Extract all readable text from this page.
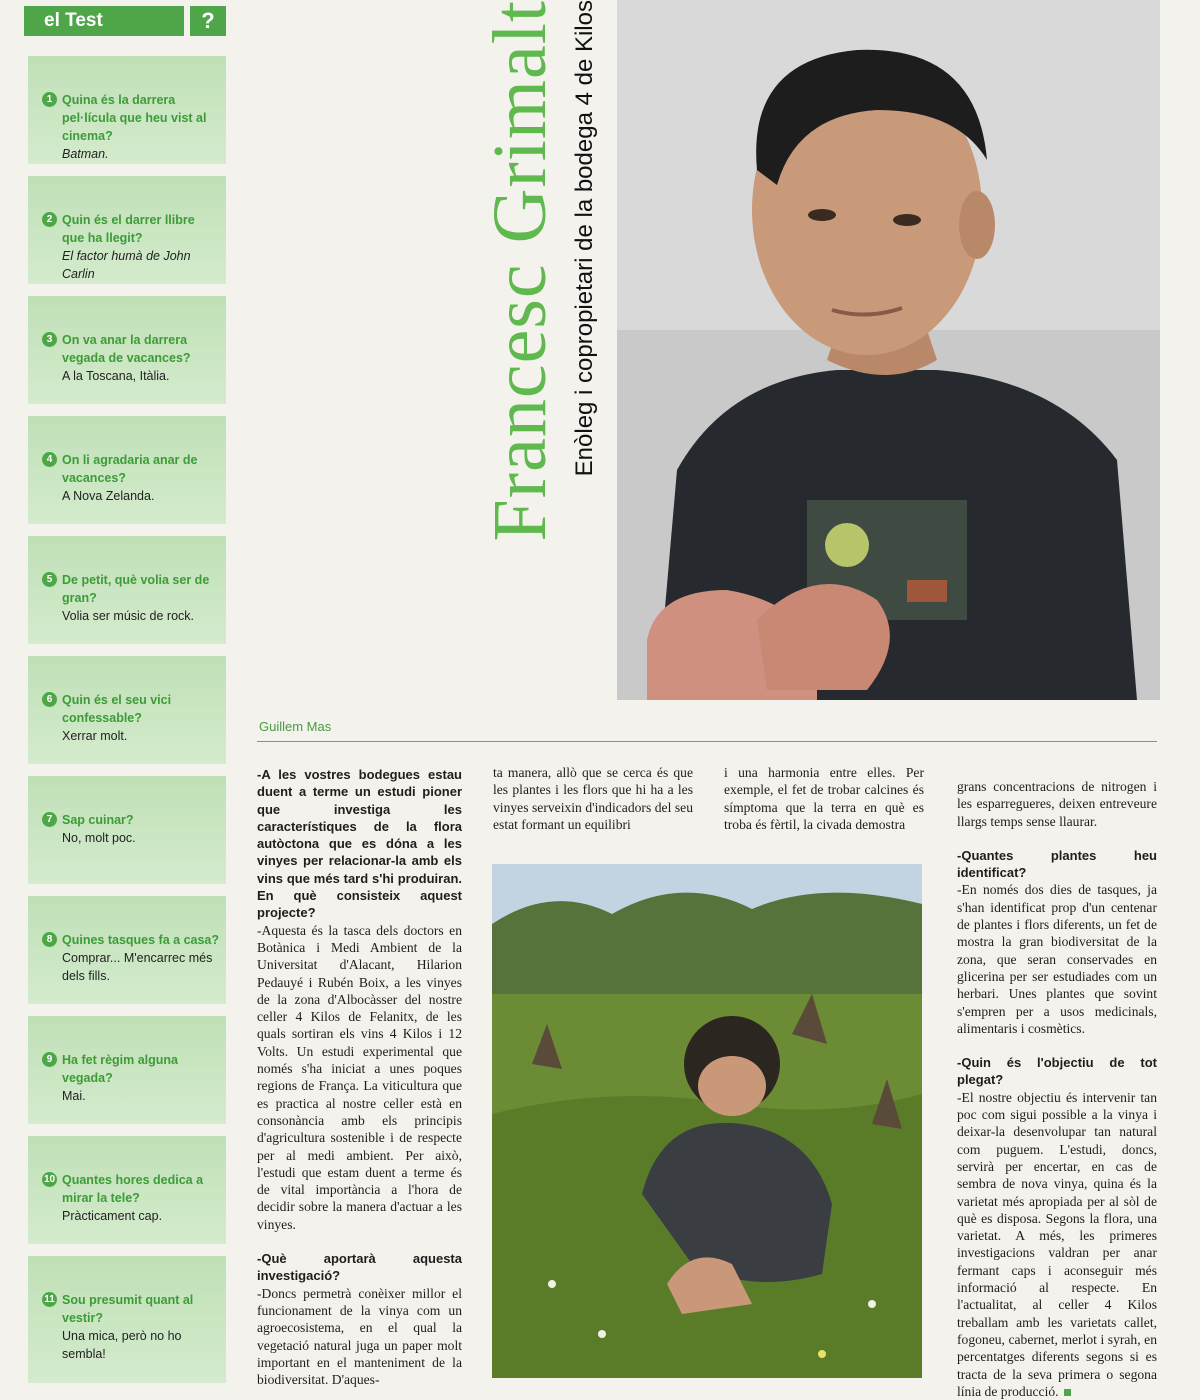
el Test	?
1 Quina és la darrera pel·lícula que heu vist al cinema?
Batman.
2 Quin és el darrer llibre que ha llegit?
El factor humà de John Carlin
3 On va anar la darrera vegada de vacances?
A la Toscana, Itàlia.
4 On li agradaria anar de vacances?
A Nova Zelanda.
5 De petit, què volia ser de gran?
Volia ser músic de rock.
6 Quin és el seu vici confessable?
Xerrar molt.
7 Sap cuinar?
No, molt poc.
8 Quines tasques fa a casa?
Comprar... M'encarrec més dels fills.
9 Ha fet règim alguna vegada?
Mai.
10 Quantes hores dedica a mirar la tele?
Pràcticament cap.
11 Sou presumit quant al vestir?
Una mica, però no ho sembla!
Francesc Grimalt Enòleg i copropietari de la bodega 4 de Kilos
Guillem Mas

-A les vostres bodegues estau duent a terme un estudi pioner que investiga les característiques de la flora autòctona que es dóna a les vinyes per relacionar-la amb els vins que més tard s'hi produiran. En què consisteix aquest projecte?

-Aquesta és la tasca dels doctors en Botànica i Medi Ambient de la Universitat d'Alacant, Hilarion Pedauyé i Rubén Boix, a les vinyes de la zona d'Albocàsser del nostre celler 4 Kilos de Felanitx, de les quals sortiran els vins 4 Kilos i 12 Volts. Un estudi experimental que només s'ha iniciat a unes poques regions de França. La viticultura que es practica al nostre celler està en consonància amb els principis d'agricultura sostenible i de respecte per al medi ambient. Per això, l'estudi que estam duent a terme és de vital importància a l'hora de decidir sobre la manera d'actuar a les vinyes.

-Què aportarà aquesta investigació?

-Doncs permetrà conèixer millor el funcionament de la vinya com un agroecosistema, en el qual la vegetació natural juga un paper molt important en el manteniment de la biodiversitat. D'aques-

ta manera, allò que se cerca és que les plantes i les flors que hi ha a les vinyes serveixin d'indicadors del seu estat formant un equilibri

i una harmonia entre elles. Per exemple, el fet de trobar calcines és símptoma que la terra en què es troba és fèrtil, la civada demostra

grans concentracions de nitrogen i les esparregueres, deixen entreveure llargs temps sense llaurar.

-Quantes plantes heu identificat?

-En només dos dies de tasques, ja s'han identificat prop d'un centenar de plantes i flors diferents, un fet de mostra la gran biodiversitat de la zona, que seran conservades en glicerina per ser estudiades com un herbari. Unes plantes que sovint s'empren per a usos medicinals, alimentaris i cosmètics.

-Quin és l'objectiu de tot plegat?

-El nostre objectiu és intervenir tan poc com sigui possible a la vinya i deixar-la desenvolupar tan natural com puguem. L'estudi, doncs, servirà per encertar, en cas de sembra de nova vinya, quina és la varietat més apropiada per al sòl de què es disposa. Segons la flora, una varietat. A més, les primeres investigacions valdran per anar fermant caps i aconseguir més informació al respecte. En l'actualitat, al celler 4 Kilos treballam amb les varietats callet, fogoneu, cabernet, merlot i syrah, en percentatges diferents segons si es tracta de la seva primera o segona línia de producció.
